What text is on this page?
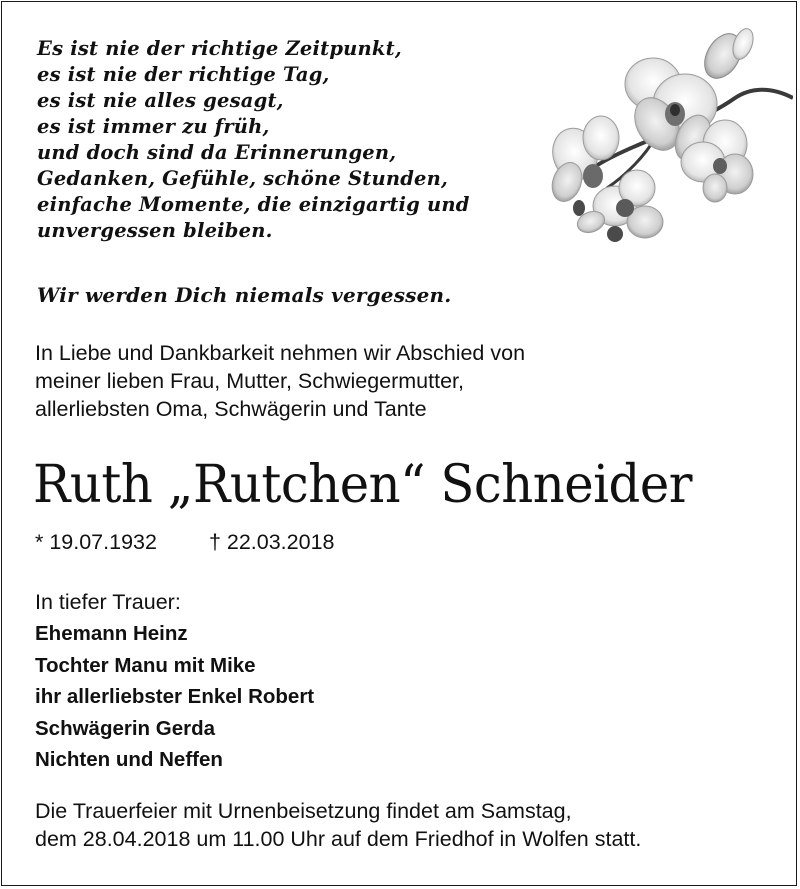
Es ist nie der richtige Zeitpunkt,
es ist nie der richtige Tag,
es ist nie alles gesagt,
es ist immer zu früh,
und doch sind da Erinnerungen,
Gedanken, Gefühle, schöne Stunden,
einfache Momente, die einzigartig und
unvergessen bleiben.
Wir werden Dich niemals vergessen.
In Liebe und Dankbarkeit nehmen wir Abschied von
meiner lieben Frau, Mutter, Schwiegermutter,
allerliebsten Oma, Schwägerin und Tante
Ruth „Rutchen“ Schneider
* 19.07.1932 † 22.03.2018
In tiefer Trauer:
Ehemann Heinz
Tochter Manu mit Mike
ihr allerliebster Enkel Robert
Schwägerin Gerda
Nichten und Neffen
Die Trauerfeier mit Urnenbeisetzung findet am Samstag,
dem 28.04.2018 um 11.00 Uhr auf dem Friedhof in Wolfen statt.
